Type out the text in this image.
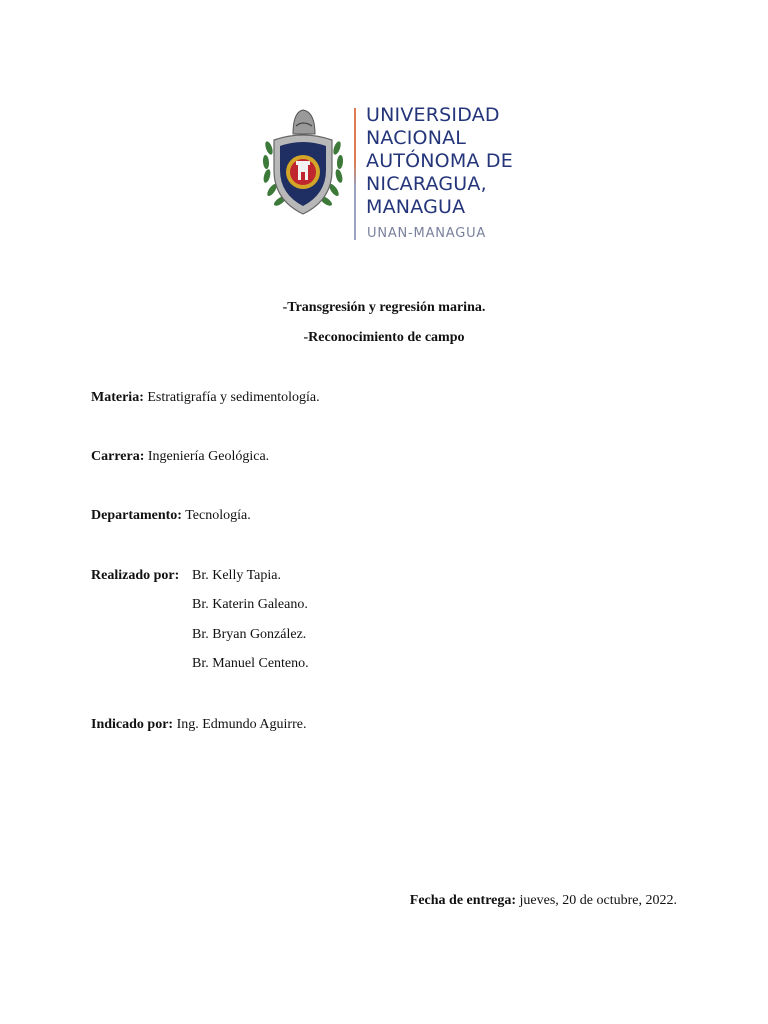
UNIVERSIDAD
NACIONAL
AUTÓNOMA DE
NICARAGUA,
MANAGUA
UNAN-MANAGUA
-Transgresión y regresión marina.
-Reconocimiento de campo
Materia: Estratigrafía y sedimentología.
Carrera: Ingeniería Geológica.
Departamento: Tecnología.
Realizado por: Br. Kelly Tapia.
Br. Katerin Galeano.
Br. Bryan González.
Br. Manuel Centeno.
Indicado por: Ing. Edmundo Aguirre.
Fecha de entrega: jueves, 20 de octubre, 2022.
